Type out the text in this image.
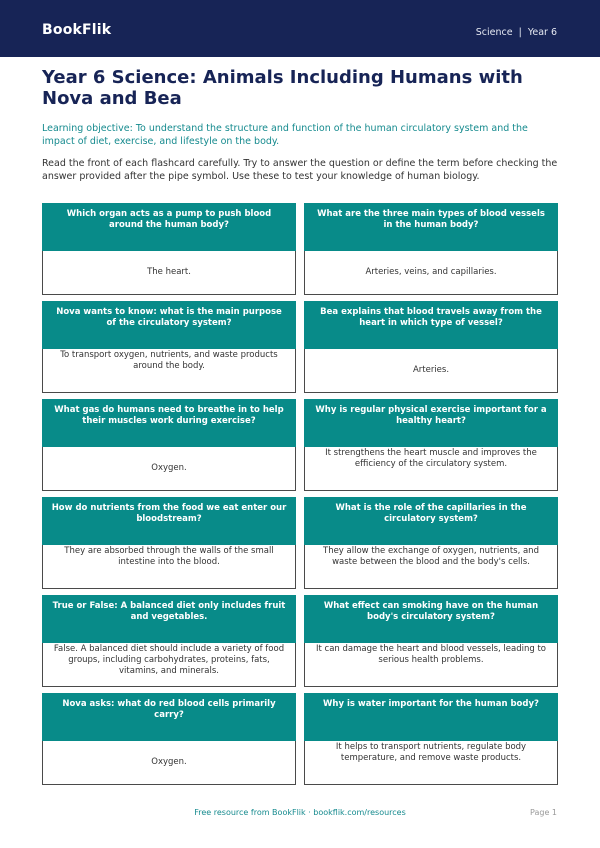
BookFlik	Science | Year 6
Year 6 Science: Animals Including Humans with Nova and Bea
Learning objective: To understand the structure and function of the human circulatory system and the impact of diet, exercise, and lifestyle on the body.
Read the front of each flashcard carefully. Try to answer the question or define the term before checking the answer provided after the pipe symbol. Use these to test your knowledge of human biology.
Which organ acts as a pump to push blood around the human body?
The heart.
What are the three main types of blood vessels in the human body?
Arteries, veins, and capillaries.
Nova wants to know: what is the main purpose of the circulatory system?
To transport oxygen, nutrients, and waste products around the body.
Bea explains that blood travels away from the heart in which type of vessel?
Arteries.
What gas do humans need to breathe in to help their muscles work during exercise?
Oxygen.
Why is regular physical exercise important for a healthy heart?
It strengthens the heart muscle and improves the efficiency of the circulatory system.
How do nutrients from the food we eat enter our bloodstream?
They are absorbed through the walls of the small intestine into the blood.
What is the role of the capillaries in the circulatory system?
They allow the exchange of oxygen, nutrients, and waste between the blood and the body's cells.
True or False: A balanced diet only includes fruit and vegetables.
False. A balanced diet should include a variety of food groups, including carbohydrates, proteins, fats, vitamins, and minerals.
What effect can smoking have on the human body's circulatory system?
It can damage the heart and blood vessels, leading to serious health problems.
Nova asks: what do red blood cells primarily carry?
Oxygen.
Why is water important for the human body?
It helps to transport nutrients, regulate body temperature, and remove waste products.
Free resource from BookFlik · bookflik.com/resources	Page 1
